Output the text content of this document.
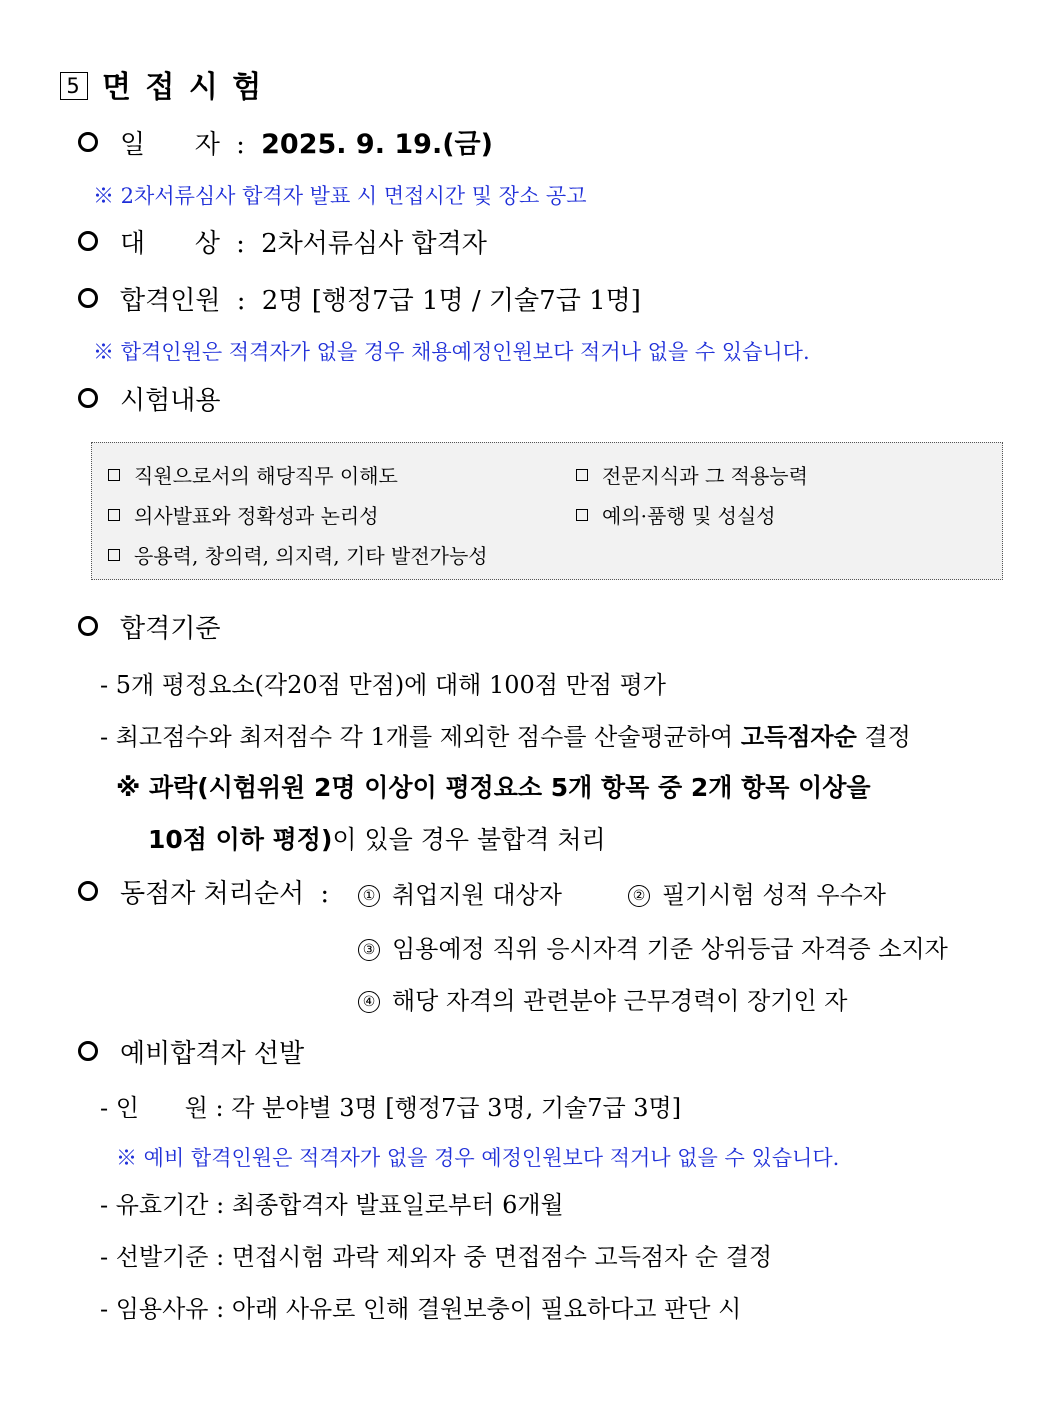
5 면 접 시 험
일      자 : 2025. 9. 19.(금)
※ 2차서류심사 합격자 발표 시 면접시간 및 장소 공고
대      상 : 2차서류심사 합격자
합격인원 : 2명 [행정7급 1명 / 기술7급 1명]
※ 합격인원은 적격자가 없을 경우 채용예정인원보다 적거나 없을 수 있습니다.
시험내용
직원으로서의 해당직무 이해도	전문지식과 그 적용능력
의사발표와 정확성과 논리성	예의·품행 및 성실성
응용력, 창의력, 의지력, 기타 발전가능성
합격기준
- 5개 평정요소(각20점 만점)에 대해 100점 만점 평가
- 최고점수와 최저점수 각 1개를 제외한 점수를 산술평균하여 고득점자순 결정
※ 과락(시험위원 2명 이상이 평정요소 5개 항목 중 2개 항목 이상을
10점 이하 평정)이 있을 경우 불합격 처리
동점자 처리순서 :	① 취업지원 대상자	② 필기시험 성적 우수자
③ 임용예정 직위 응시자격 기준 상위등급 자격증 소지자
④ 해당 자격의 관련분야 근무경력이 장기인 자
예비합격자 선발
- 인      원 : 각 분야별 3명 [행정7급 3명, 기술7급 3명]
※ 예비 합격인원은 적격자가 없을 경우 예정인원보다 적거나 없을 수 있습니다.
- 유효기간 : 최종합격자 발표일로부터 6개월
- 선발기준 : 면접시험 과락 제외자 중 면접점수 고득점자 순 결정
- 임용사유 : 아래 사유로 인해 결원보충이 필요하다고 판단 시
